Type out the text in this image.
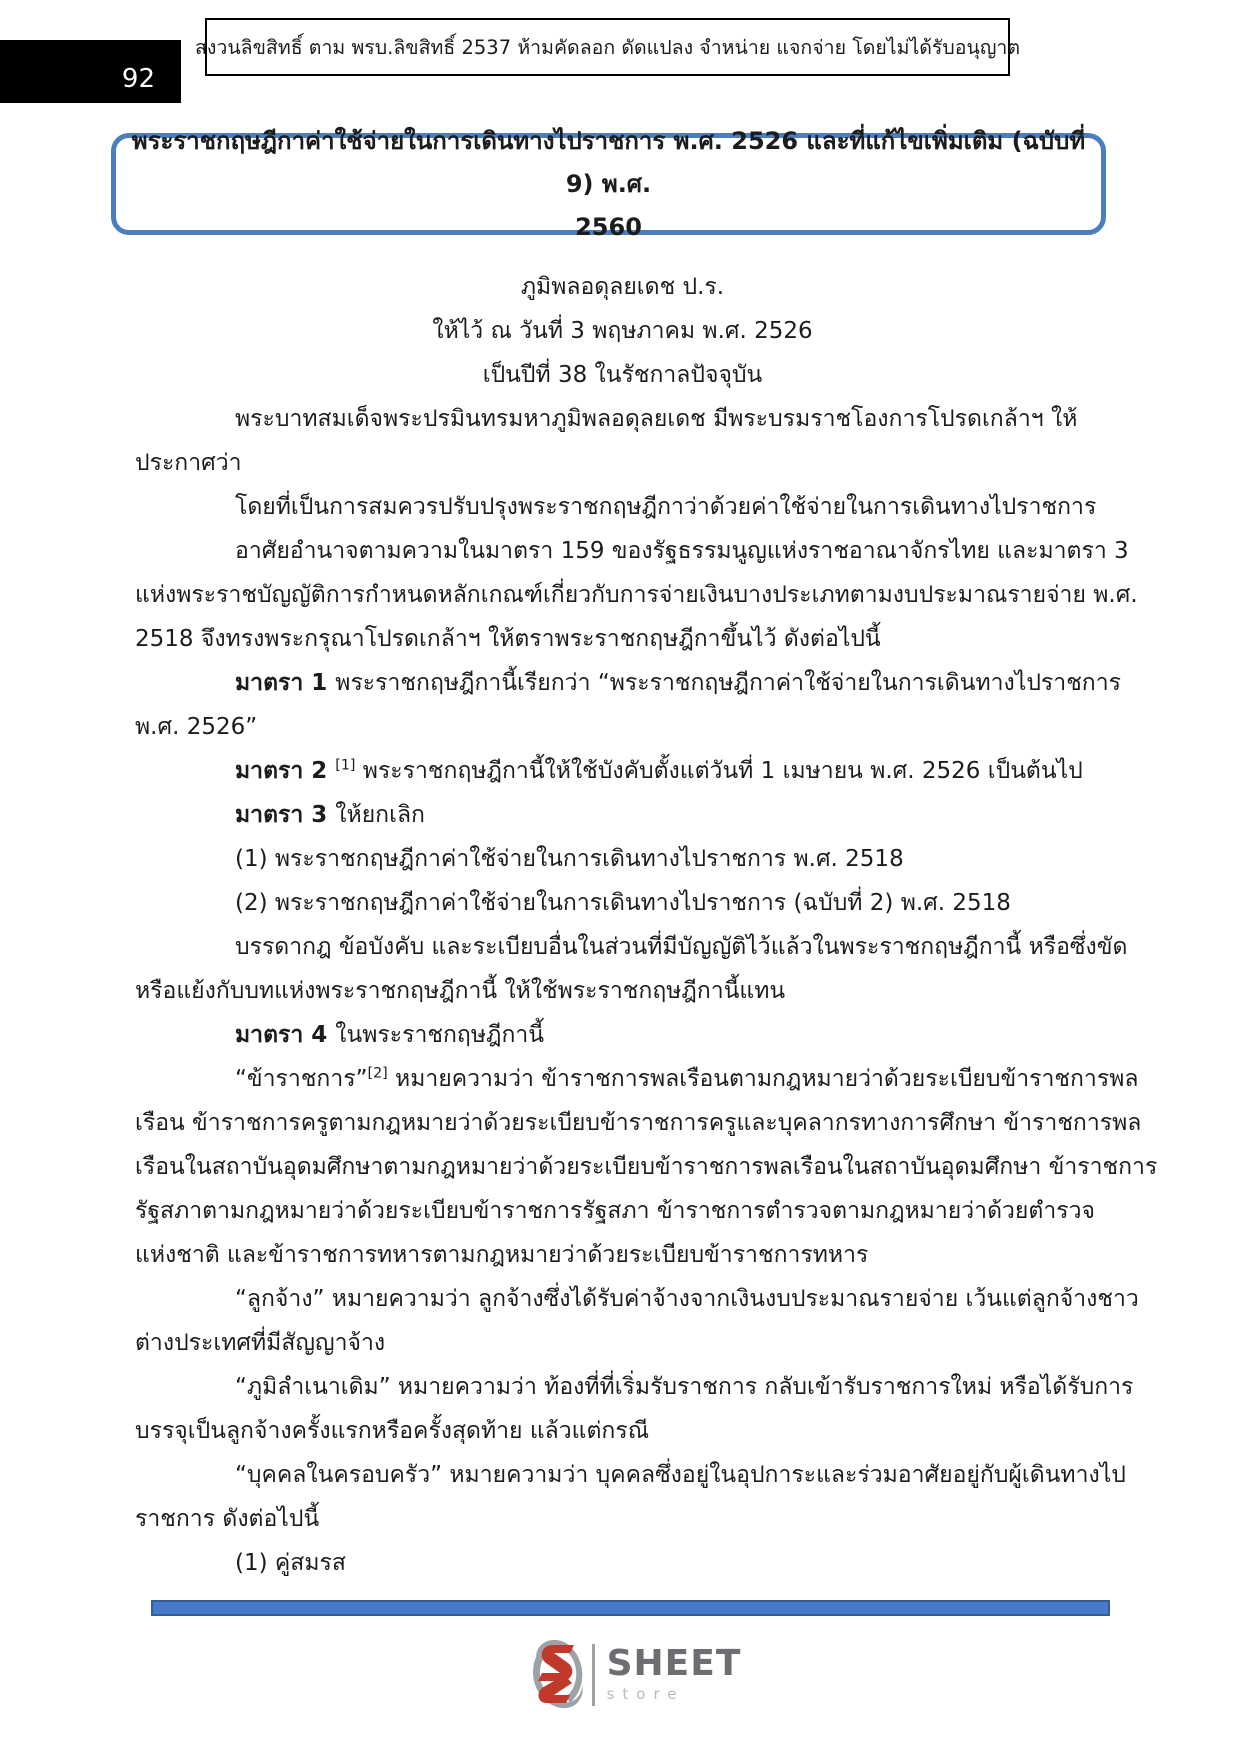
92
สงวนลิขสิทธิ์ ตาม พรบ.ลิขสิทธิ์ 2537 ห้ามคัดลอก ดัดแปลง จำหน่าย แจกจ่าย โดยไม่ได้รับอนุญาต
พระราชกฤษฎีกาค่าใช้จ่ายในการเดินทางไปราชการ พ.ศ. 2526 และที่แก้ไขเพิ่มเติม (ฉบับที่ 9) พ.ศ.
2560
ภูมิพลอดุลยเดช ป.ร.
ให้ไว้ ณ วันที่ 3 พฤษภาคม พ.ศ. 2526
เป็นปีที่ 38 ในรัชกาลปัจจุบัน
พระบาทสมเด็จพระปรมินทรมหาภูมิพลอดุลยเดช มีพระบรมราชโองการโปรดเกล้าฯ ให้
ประกาศว่า
โดยที่เป็นการสมควรปรับปรุงพระราชกฤษฎีกาว่าด้วยค่าใช้จ่ายในการเดินทางไปราชการ
อาศัยอำนาจตามความในมาตรา 159 ของรัฐธรรมนูญแห่งราชอาณาจักรไทย และมาตรา 3
แห่งพระราชบัญญัติการกำหนดหลักเกณฑ์เกี่ยวกับการจ่ายเงินบางประเภทตามงบประมาณรายจ่าย พ.ศ.
2518 จึงทรงพระกรุณาโปรดเกล้าฯ ให้ตราพระราชกฤษฎีกาขึ้นไว้ ดังต่อไปนี้
มาตรา 1 พระราชกฤษฎีกานี้เรียกว่า “พระราชกฤษฎีกาค่าใช้จ่ายในการเดินทางไปราชการ
พ.ศ. 2526”
มาตรา 2 [1] พระราชกฤษฎีกานี้ให้ใช้บังคับตั้งแต่วันที่ 1 เมษายน พ.ศ. 2526 เป็นต้นไป
มาตรา 3 ให้ยกเลิก
(1) พระราชกฤษฎีกาค่าใช้จ่ายในการเดินทางไปราชการ พ.ศ. 2518
(2) พระราชกฤษฎีกาค่าใช้จ่ายในการเดินทางไปราชการ (ฉบับที่ 2) พ.ศ. 2518
บรรดากฎ ข้อบังคับ และระเบียบอื่นในส่วนที่มีบัญญัติไว้แล้วในพระราชกฤษฎีกานี้ หรือซึ่งขัด
หรือแย้งกับบทแห่งพระราชกฤษฎีกานี้ ให้ใช้พระราชกฤษฎีกานี้แทน
มาตรา 4 ในพระราชกฤษฎีกานี้
“ข้าราชการ”[2] หมายความว่า ข้าราชการพลเรือนตามกฎหมายว่าด้วยระเบียบข้าราชการพล
เรือน ข้าราชการครูตามกฎหมายว่าด้วยระเบียบข้าราชการครูและบุคลากรทางการศึกษา ข้าราชการพล
เรือนในสถาบันอุดมศึกษาตามกฎหมายว่าด้วยระเบียบข้าราชการพลเรือนในสถาบันอุดมศึกษา ข้าราชการ
รัฐสภาตามกฎหมายว่าด้วยระเบียบข้าราชการรัฐสภา ข้าราชการตำรวจตามกฎหมายว่าด้วยตำรวจ
แห่งชาติ และข้าราชการทหารตามกฎหมายว่าด้วยระเบียบข้าราชการทหาร
“ลูกจ้าง” หมายความว่า ลูกจ้างซึ่งได้รับค่าจ้างจากเงินงบประมาณรายจ่าย เว้นแต่ลูกจ้างชาว
ต่างประเทศที่มีสัญญาจ้าง
“ภูมิลำเนาเดิม” หมายความว่า ท้องที่ที่เริ่มรับราชการ กลับเข้ารับราชการใหม่ หรือได้รับการ
บรรจุเป็นลูกจ้างครั้งแรกหรือครั้งสุดท้าย แล้วแต่กรณี
“บุคคลในครอบครัว” หมายความว่า บุคคลซึ่งอยู่ในอุปการะและร่วมอาศัยอยู่กับผู้เดินทางไป
ราชการ ดังต่อไปนี้
(1) คู่สมรส
SHEET
store
